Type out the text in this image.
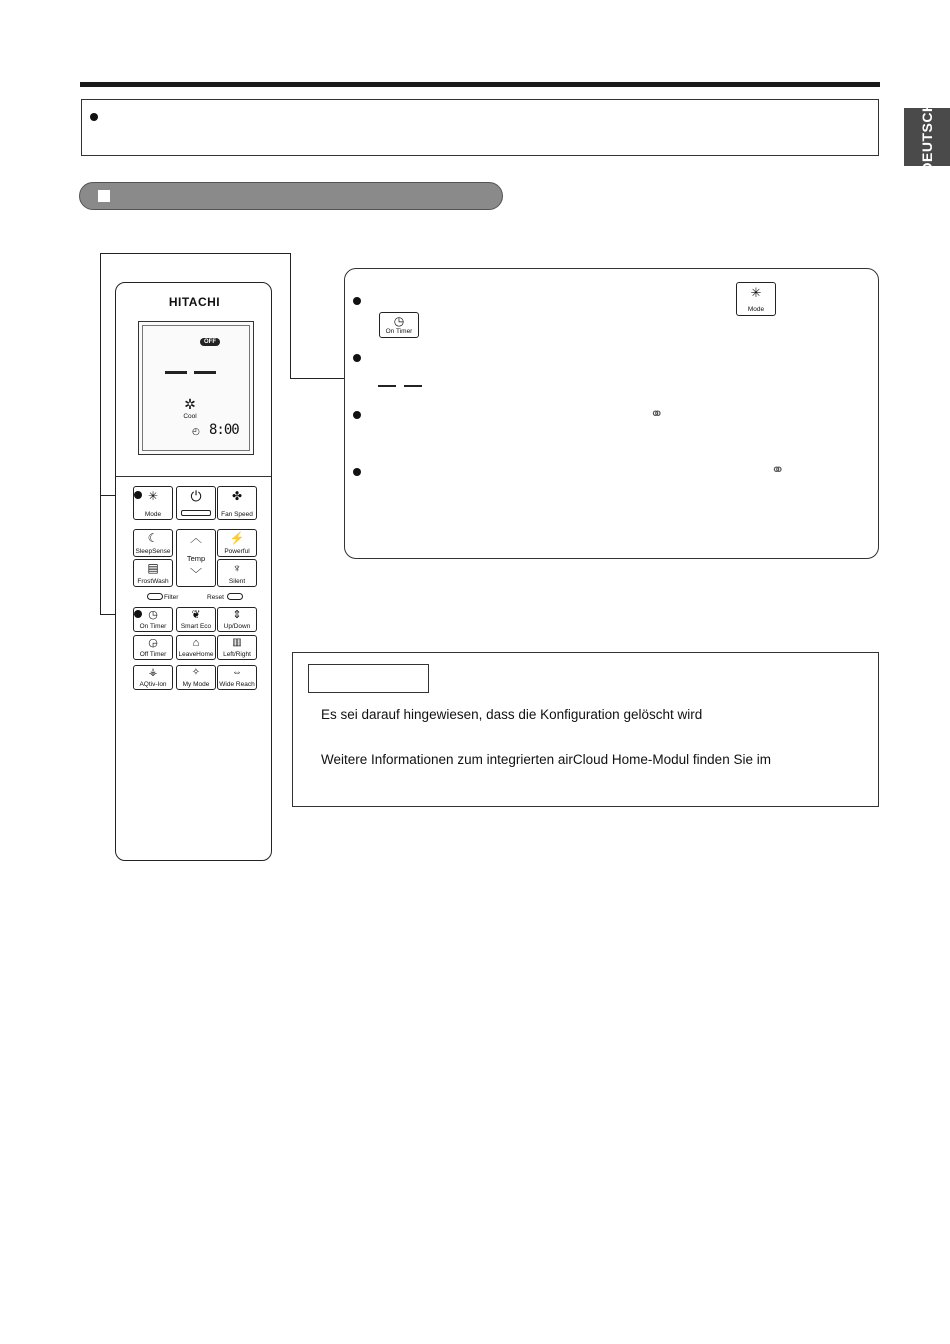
DEUTSCH
HITACHI
OFF
✲
Cool
◴ 8:00
✳
Mode
⏻	✤
Fan Speed
☾
SleepSense
︿
Temp
﹀
⚡
Powerful
▤
FrostWash
♆
Silent
Filter	Reset
◷
On Timer
❦
Smart Eco
⇕
Up/Down
◶
Off Timer
⌂
LeaveHome
▥
Left/Right
⚶
AQtiv-Ion
✧
My Mode
⇔
Wide Reach
✳
Mode
◷
On Timer
⚭
⚭
Es sei darauf hingewiesen, dass die Konfiguration gelöscht wird
Weitere Informationen zum integrierten airCloud Home-Modul finden Sie im
